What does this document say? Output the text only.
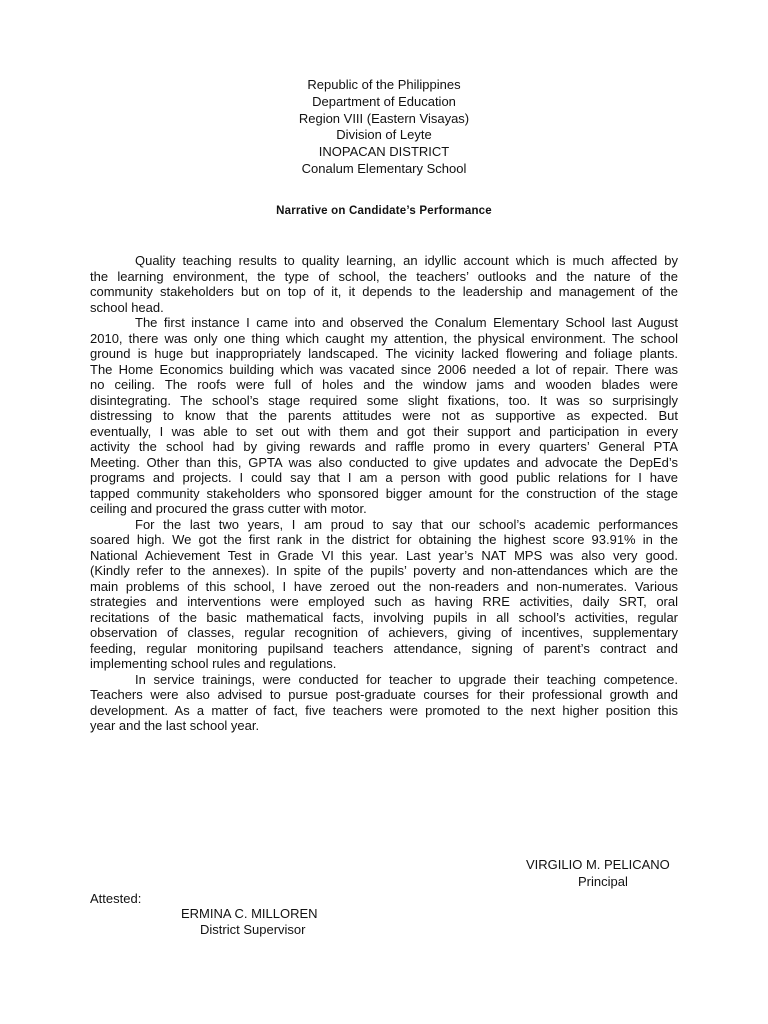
Republic of the Philippines
Department of Education
Region VIII (Eastern Visayas)
Division of Leyte
INOPACAN DISTRICT
Conalum Elementary School
Narrative on Candidate’s Performance
Quality teaching results to quality learning, an idyllic account which is much affected by
the learning environment, the type of school, the teachers’ outlooks and the nature of the
community stakeholders but on top of it, it depends to the leadership and management of the
school head.
The first instance I came into and observed the Conalum Elementary School last August
2010, there was only one thing which caught my attention, the physical environment. The school
ground is huge but inappropriately landscaped. The vicinity lacked flowering and foliage plants.
The Home Economics building which was vacated since 2006 needed a lot of repair. There was
no ceiling. The roofs were full of holes and the window jams and wooden blades were
disintegrating. The school’s stage required some slight fixations, too. It was so surprisingly
distressing to know that the parents attitudes were not as supportive as expected. But
eventually, I was able to set out with them and got their support and participation in every
activity the school had by giving rewards and raffle promo in every quarters’ General PTA
Meeting. Other than this, GPTA was also conducted to give updates and advocate the DepEd’s
programs and projects. I could say that I am a person with good public relations for I have
tapped community stakeholders who sponsored bigger amount for the construction of the stage
ceiling and procured the grass cutter with motor.
For the last two years, I am proud to say that our school’s academic performances
soared high. We got the first rank in the district for obtaining the highest score 93.91% in the
National Achievement Test in Grade VI this year. Last year’s NAT MPS was also very good.
(Kindly refer to the annexes). In spite of the pupils’ poverty and non-attendances which are the
main problems of this school, I have zeroed out the non-readers and non-numerates. Various
strategies and interventions were employed such as having RRE activities, daily SRT, oral
recitations of the basic mathematical facts, involving pupils in all school’s activities, regular
observation of classes, regular recognition of achievers, giving of incentives, supplementary
feeding, regular monitoring pupilsand teachers attendance, signing of parent’s contract and
implementing school rules and regulations.
In service trainings, were conducted for teacher to upgrade their teaching competence.
Teachers were also advised to pursue post-graduate courses for their professional growth and
development. As a matter of fact, five teachers were promoted to the next higher position this
year and the last school year.
VIRGILIO M. PELICANO
Principal
Attested:
ERMINA C. MILLOREN
District Supervisor
